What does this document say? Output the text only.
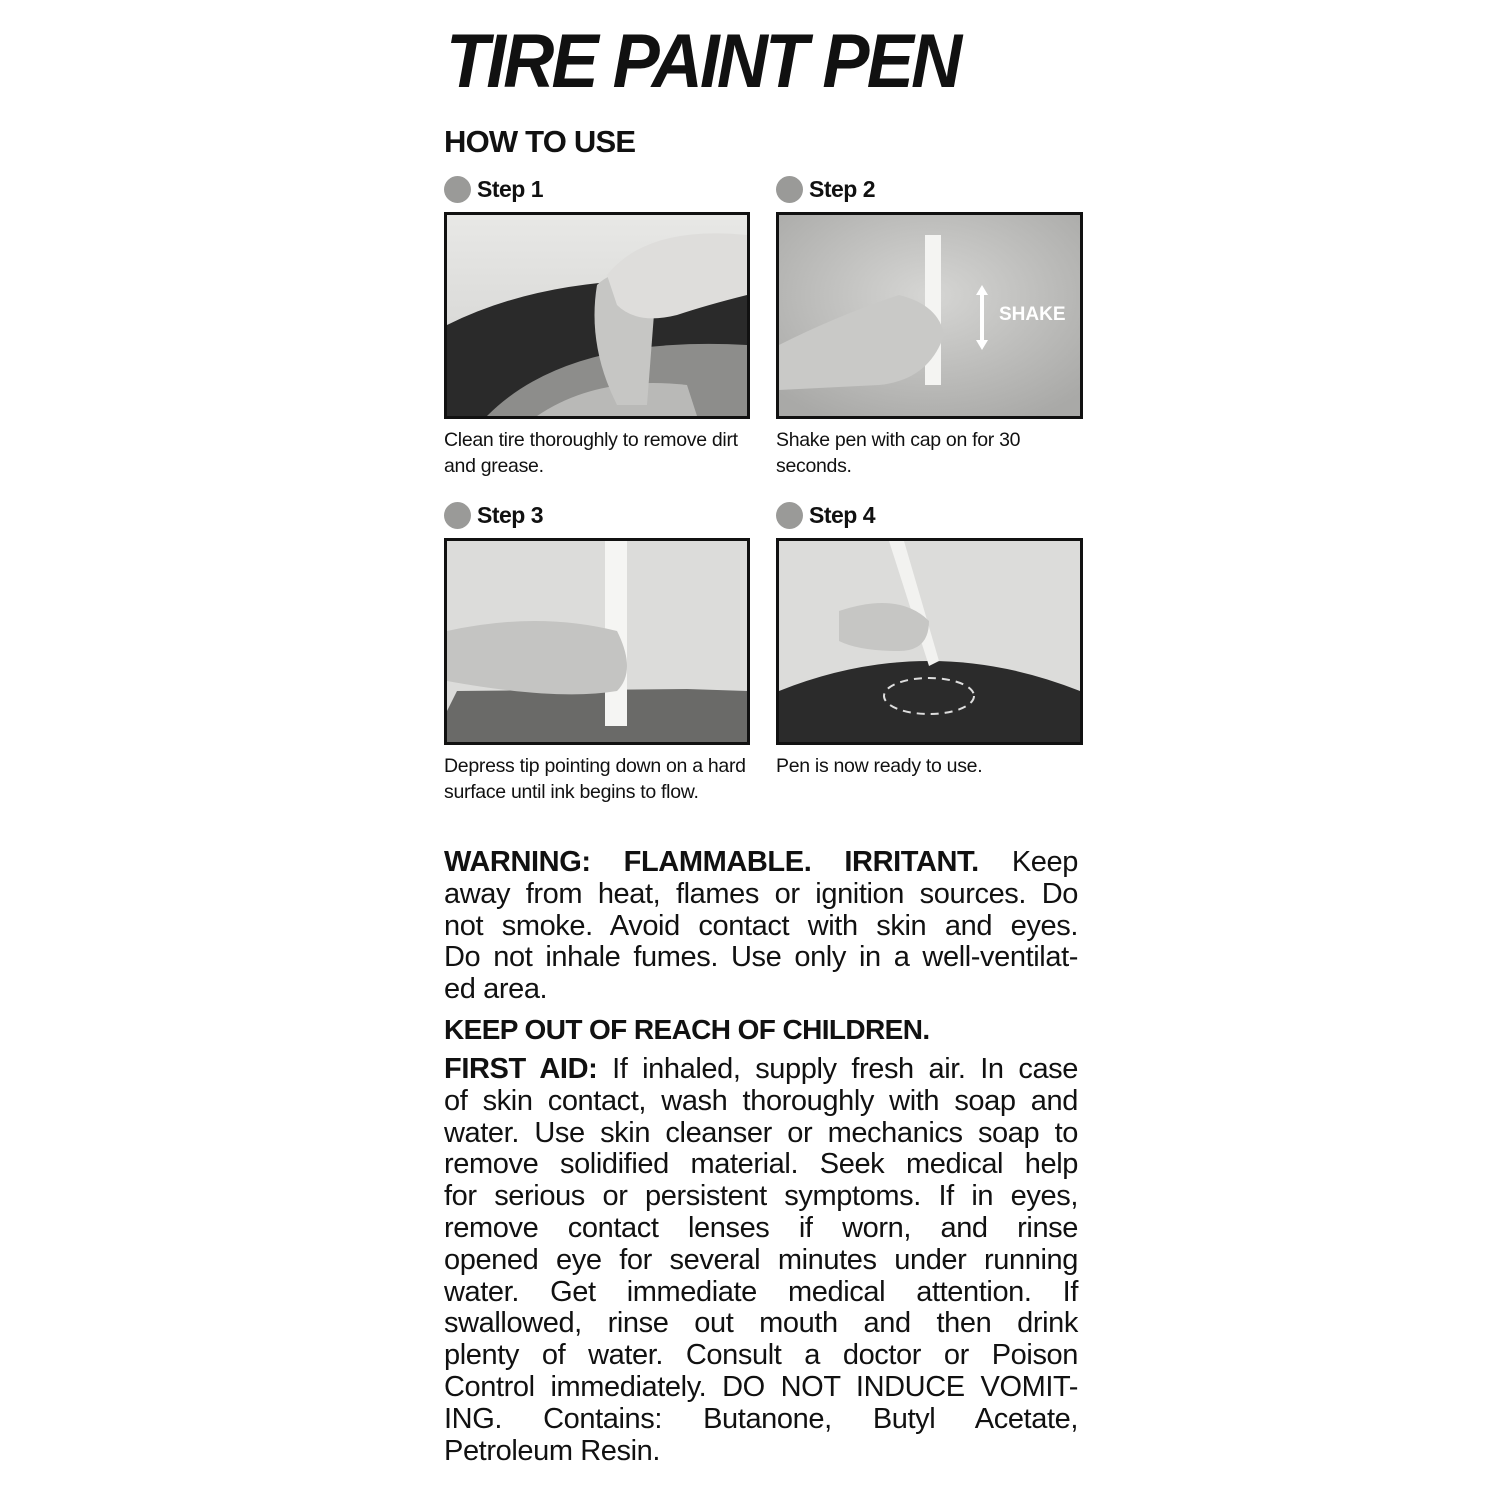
TIRE PAINT PEN
HOW TO USE
Step 1
Clean tire thoroughly to remove dirt and grease.
Step 2
SHAKE
Shake pen with cap on for 30 seconds.
Step 3
Depress tip pointing down on a hard surface until ink begins to flow.
Step 4
Pen is now ready to use.
WARNING: FLAMMABLE. IRRITANT. Keep
away from heat, flames or ignition sources. Do
not smoke. Avoid contact with skin and eyes.
Do not inhale fumes. Use only in a well-ventilat-
ed area.
KEEP OUT OF REACH OF CHILDREN.
FIRST AID: If inhaled, supply fresh air. In case
of skin contact, wash thoroughly with soap and
water. Use skin cleanser or mechanics soap to
remove solidified material. Seek medical help
for serious or persistent symptoms. If in eyes,
remove contact lenses if worn, and rinse
opened eye for several minutes under running
water. Get immediate medical attention. If
swallowed, rinse out mouth and then drink
plenty of water. Consult a doctor or Poison
Control immediately. DO NOT INDUCE VOMIT-
ING. Contains: Butanone, Butyl Acetate,
Petroleum Resin.
